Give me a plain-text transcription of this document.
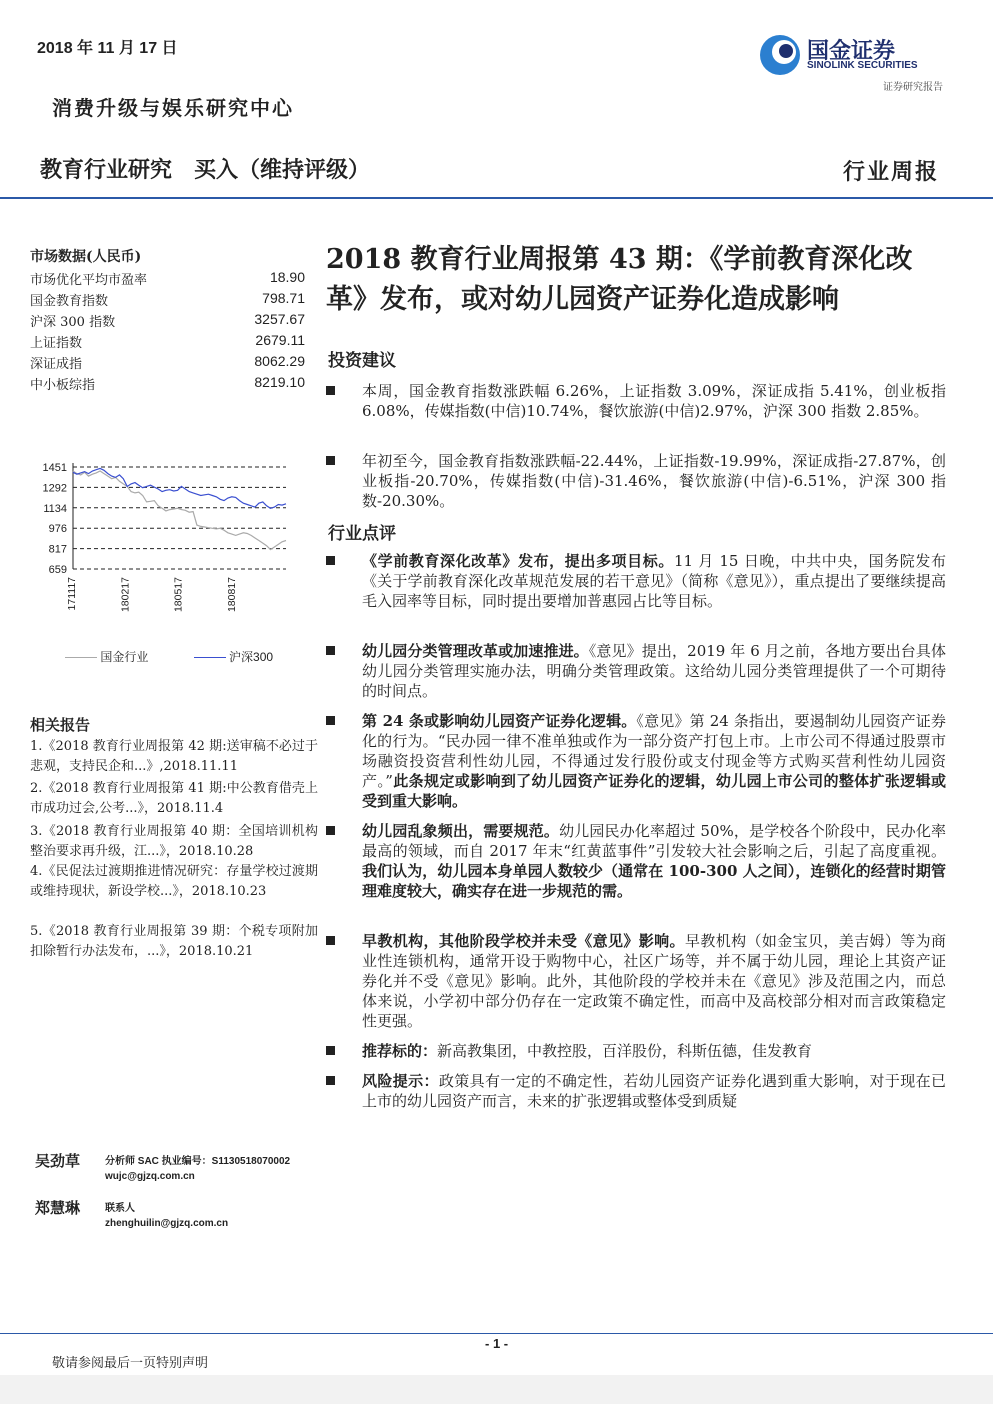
2018 年 11 月 17 日
消费升级与娱乐研究中心
国金证券
SINOLINK SECURITIES
证券研究报告
教育行业研究　买入（维持评级）	行业周报
市场数据(人民币)
市场优化平均市盈率	18.90
国金教育指数	798.71
沪深 300 指数	3257.67
上证指数	2679.11
深证成指	8062.29
中小板综指	8219.10
1451
1292
1134
976
817
659
171117	180217	180517	180817
国金行业	沪深300
相关报告
1.《2018 教育行业周报第 42 期:送审稿不必过于悲观，支持民企和...》,2018.11.11
2.《2018 教育行业周报第 41 期:中公教育借壳上市成功过会,公考...》，2018.11.4
3.《2018 教育行业周报第 40 期：全国培训机构整治要求再升级，江...》，2018.10.28
4.《民促法过渡期推进情况研究：存量学校过渡期或维持现状，新设学校...》，2018.10.23
5.《2018 教育行业周报第 39 期：个税专项附加扣除暂行办法发布，...》，2018.10.21
吴劲草 分析师 SAC 执业编号：S1130518070002
wujc@gjzq.com.cn
郑慧琳 联系人
zhenghuilin@gjzq.com.cn
2018 教育行业周报第 43 期：《学前教育深化改革》发布，或对幼儿园资产证券化造成影响
投资建议
本周，国金教育指数涨跌幅 6.26%，上证指数 3.09%，深证成指 5.41%，创业板指 6.08%，传媒指数(中信)10.74%，餐饮旅游(中信)2.97%，沪深 300 指数 2.85%。
年初至今，国金教育指数涨跌幅-22.44%，上证指数-19.99%，深证成指-27.87%，创业板指-20.70%，传媒指数(中信)-31.46%，餐饮旅游(中信)-6.51%，沪深 300 指数-20.30%。
行业点评
《学前教育深化改革》发布，提出多项目标。11 月 15 日晚，中共中央，国务院发布《关于学前教育深化改革规范发展的若干意见》（简称《意见》），重点提出了要继续提高毛入园率等目标，同时提出要增加普惠园占比等目标。
幼儿园分类管理改革或加速推进。《意见》提出，2019 年 6 月之前，各地方要出台具体幼儿园分类管理实施办法，明确分类管理政策。这给幼儿园分类管理提供了一个可期待的时间点。
第 24 条或影响幼儿园资产证券化逻辑。《意见》第 24 条指出，要遏制幼儿园资产证券化的行为。“民办园一律不准单独或作为一部分资产打包上市。上市公司不得通过股票市场融资投资营利性幼儿园，不得通过发行股份或支付现金等方式购买营利性幼儿园资产。”此条规定或影响到了幼儿园资产证券化的逻辑，幼儿园上市公司的整体扩张逻辑或受到重大影响。
幼儿园乱象频出，需要规范。幼儿园民办化率超过 50%，是学校各个阶段中，民办化率最高的领域，而自 2017 年末“红黄蓝事件”引发较大社会影响之后，引起了高度重视。我们认为，幼儿园本身单园人数较少（通常在 100-300 人之间），连锁化的经营时期管理难度较大，确实存在进一步规范的需。
早教机构，其他阶段学校并未受《意见》影响。早教机构（如金宝贝，美吉姆）等为商业性连锁机构，通常开设于购物中心，社区广场等，并不属于幼儿园，理论上其资产证券化并不受《意见》影响。此外，其他阶段的学校并未在《意见》涉及范围之内，而总体来说，小学初中部分仍存在一定政策不确定性，而高中及高校部分相对而言政策稳定性更强。
推荐标的：新高教集团，中教控股，百洋股份，科斯伍德，佳发教育
风险提示：政策具有一定的不确定性，若幼儿园资产证券化遇到重大影响，对于现在已上市的幼儿园资产而言，未来的扩张逻辑或整体受到质疑
- 1 -
敬请参阅最后一页特别声明
